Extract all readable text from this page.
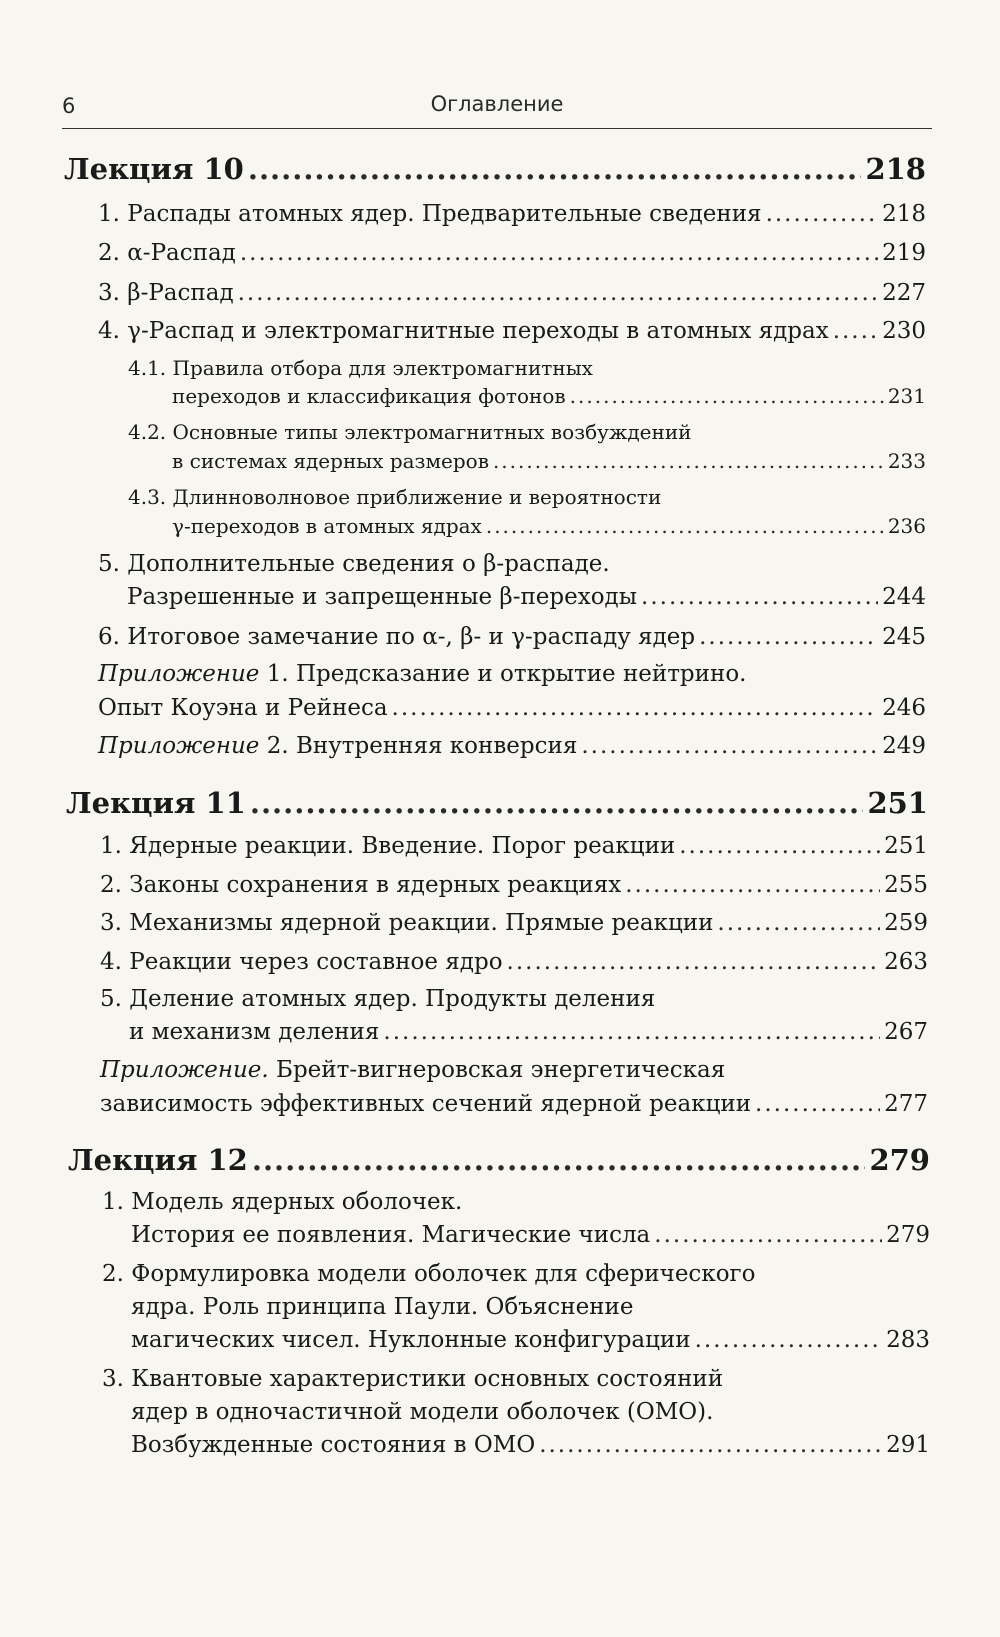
6	Оглавление
Лекция 10 .....	218
1. Распады атомных ядер. Предварительные сведения .....	218
2. α-Распад .....	219
3. β-Распад .....	227
4. γ-Распад и электромагнитные переходы в атомных ядрах ..... 230
4.1. Правила отбора для электромагнитных
переходов и классификация фотонов .....	231
4.2. Основные типы электромагнитных возбуждений
в системах ядерных размеров .....	233
4.3. Длинноволновое приближение и вероятности
γ-переходов в атомных ядрах .....	236
5. Дополнительные сведения о β-распаде.
Разрешенные и запрещенные β-переходы .....	244
6. Итоговое замечание по α-, β- и γ-распаду ядер .....	245
Приложение 1. Предсказание и открытие нейтрино.
Опыт Коуэна и Рейнеса .....	246
Приложение 2. Внутренняя конверсия .....	249
Лекция 11 .....	251
1. Ядерные реакции. Введение. Порог реакции .....	251
2. Законы сохранения в ядерных реакциях .....	255
3. Механизмы ядерной реакции. Прямые реакции .....	259
4. Реакции через составное ядро .....	263
5. Деление атомных ядер. Продукты деления
и механизм деления .....	267
Приложение. Брейт-вигнеровская энергетическая
зависимость эффективных сечений ядерной реакции .....	277
Лекция 12 .....	279
1. Модель ядерных оболочек.
История ее появления. Магические числа .....	279
2. Формулировка модели оболочек для сферического
ядра. Роль принципа Паули. Объяснение
магических чисел. Нуклонные конфигурации .....	283
3. Квантовые характеристики основных состояний
ядер в одночастичной модели оболочек (ОМО).
Возбужденные состояния в ОМО .....	291
